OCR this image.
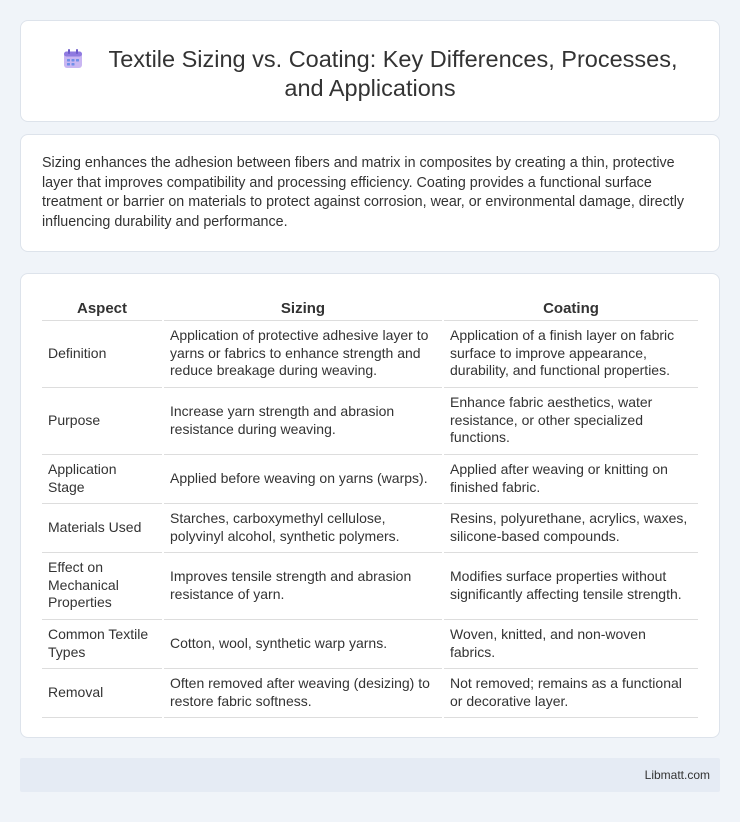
Textile Sizing vs. Coating: Key Differences, Processes, and Applications

Sizing enhances the adhesion between fibers and matrix in composites by creating a thin, protective layer that improves compatibility and processing efficiency. Coating provides a functional surface treatment or barrier on materials to protect against corrosion, wear, or environmental damage, directly influencing durability and performance.

Aspect	Sizing	Coating
Definition	Application of protective adhesive layer to yarns or fabrics to enhance strength and reduce breakage during weaving.	Application of a finish layer on fabric surface to improve appearance, durability, and functional properties.
Purpose	Increase yarn strength and abrasion resistance during weaving.	Enhance fabric aesthetics, water resistance, or other specialized functions.
Application Stage	Applied before weaving on yarns (warps).	Applied after weaving or knitting on finished fabric.
Materials Used	Starches, carboxymethyl cellulose, polyvinyl alcohol, synthetic polymers.	Resins, polyurethane, acrylics, waxes, silicone-based compounds.
Effect on Mechanical Properties	Improves tensile strength and abrasion resistance of yarn.	Modifies surface properties without significantly affecting tensile strength.
Common Textile Types	Cotton, wool, synthetic warp yarns.	Woven, knitted, and non-woven fabrics.
Removal	Often removed after weaving (desizing) to restore fabric softness.	Not removed; remains as a functional or decorative layer.
Libmatt.com
